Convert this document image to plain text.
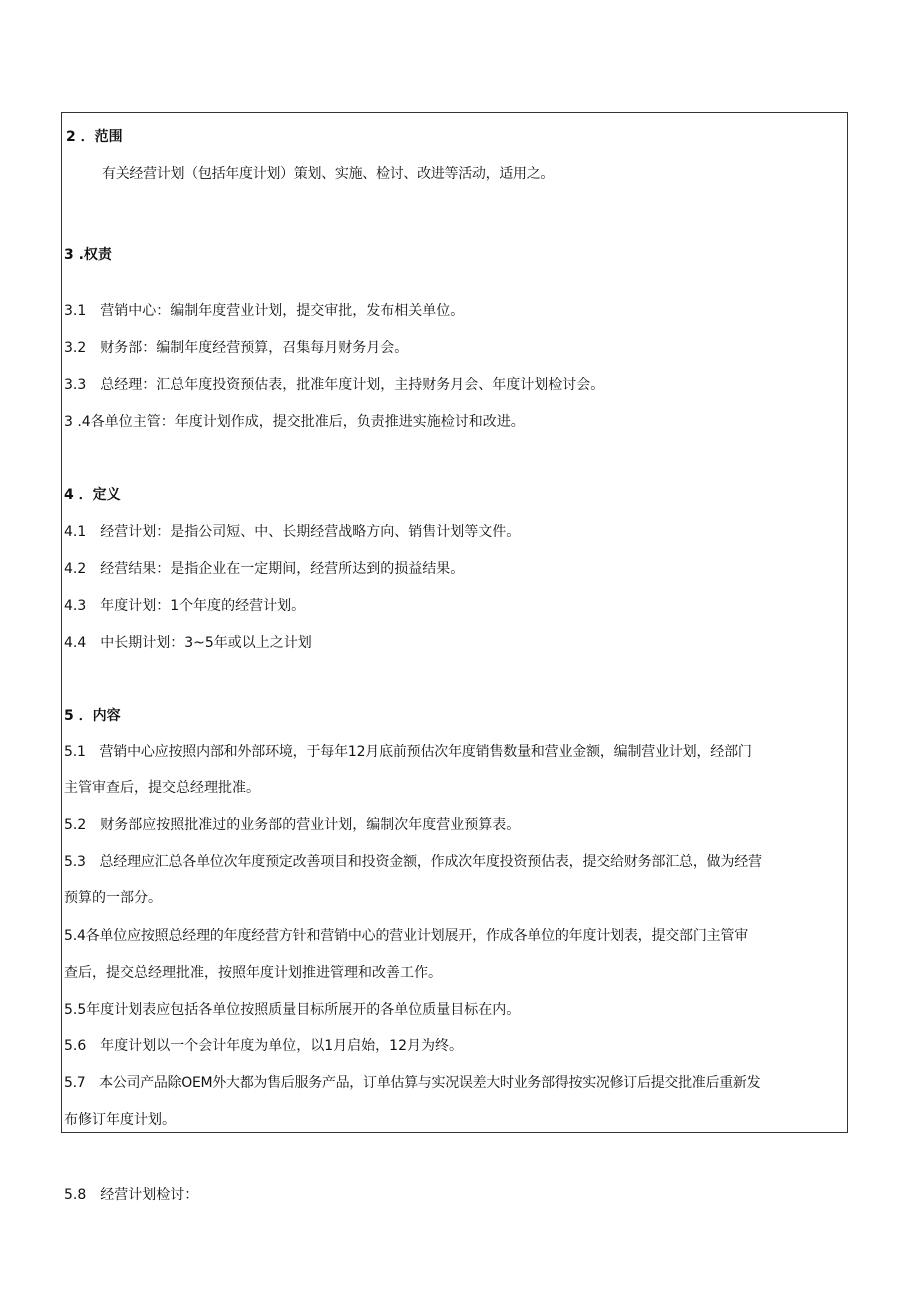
2 ．范围
有关经营计划（包括年度计划）策划、实施、检讨、改进等活动，适用之。
3 .权责
3.1　营销中心：编制年度营业计划，提交审批，发布相关单位。
3.2　财务部：编制年度经营预算，召集每月财务月会。
3.3　总经理：汇总年度投资预估表，批准年度计划，主持财务月会、年度计划检讨会。
3 .4各单位主管：年度计划作成，提交批准后，负责推进实施检讨和改进。
4 ．定义
4.1　经营计划：是指公司短、中、长期经营战略方向、销售计划等文件。
4.2　经营结果：是指企业在一定期间，经营所达到的损益结果。
4.3　年度计划：1个年度的经营计划。
4.4　中长期计划：3~5年或以上之计划
5 ．内容
5.1　营销中心应按照内部和外部环境，于每年12月底前预估次年度销售数量和营业金额，编制营业计划，经部门
主管审查后，提交总经理批准。
5.2　财务部应按照批准过的业务部的营业计划，编制次年度营业预算表。
5.3　总经理应汇总各单位次年度预定改善项目和投资金额，作成次年度投资预估表，提交给财务部汇总，做为经营
预算的一部分。
5.4各单位应按照总经理的年度经营方针和营销中心的营业计划展开，作成各单位的年度计划表，提交部门主管审
查后，提交总经理批准，按照年度计划推进管理和改善工作。
5.5年度计划表应包括各单位按照质量目标所展开的各单位质量目标在内。
5.6　年度计划以一个会计年度为单位，以1月启始，12月为终。
5.7　本公司产品除OEM外大都为售后服务产品，订单估算与实况误差大时业务部得按实况修订后提交批准后重新发
布修订年度计划。
5.8　经营计划检讨：
